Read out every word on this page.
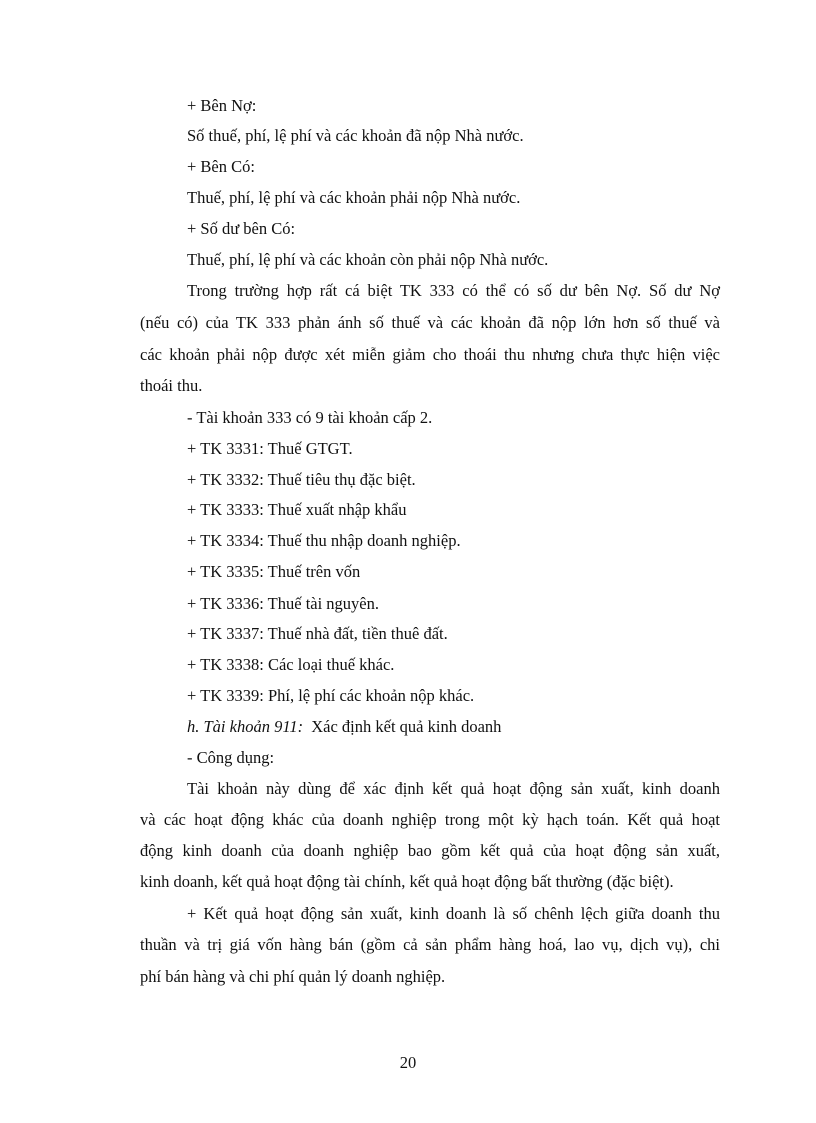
+ Bên Nợ:
Số thuế, phí, lệ phí và các khoản đã nộp Nhà nước.
+ Bên Có:
Thuế, phí, lệ phí và các khoản phải nộp Nhà nước.
+ Số dư bên Có:
Thuế, phí, lệ phí và các khoản còn phải nộp Nhà nước.
Trong trường hợp rất cá biệt TK 333 có thể có số dư bên Nợ. Số dư Nợ
(nếu có) của TK 333 phản ánh số thuế và các khoản đã nộp lớn hơn số thuế và
các khoản phải nộp được xét miễn giảm cho thoái thu nhưng chưa thực hiện việc
thoái thu.
- Tài khoản 333 có 9 tài khoản cấp 2.
+ TK 3331: Thuế GTGT.
+ TK 3332: Thuế tiêu thụ đặc biệt.
+ TK 3333: Thuế xuất nhập khẩu
+ TK 3334: Thuế thu nhập doanh nghiệp.
+ TK 3335: Thuế trên vốn
+ TK 3336: Thuế tài nguyên.
+ TK 3337: Thuế nhà đất, tiền thuê đất.
+ TK 3338: Các loại thuế khác.
+ TK 3339: Phí, lệ phí các khoản nộp khác.
h. Tài khoản 911: Xác định kết quả kinh doanh
- Công dụng:
Tài khoản này dùng để xác định kết quả hoạt động sản xuất, kinh doanh
và các hoạt động khác của doanh nghiệp trong một kỳ hạch toán. Kết quả hoạt
động kinh doanh của doanh nghiệp bao gồm kết quả của hoạt động sản xuất,
kinh doanh, kết quả hoạt động tài chính, kết quả hoạt động bất thường (đặc biệt).
+ Kết quả hoạt động sản xuất, kinh doanh là số chênh lệch giữa doanh thu
thuần và trị giá vốn hàng bán (gồm cả sản phẩm hàng hoá, lao vụ, dịch vụ), chi
phí bán hàng và chi phí quản lý doanh nghiệp.
20
